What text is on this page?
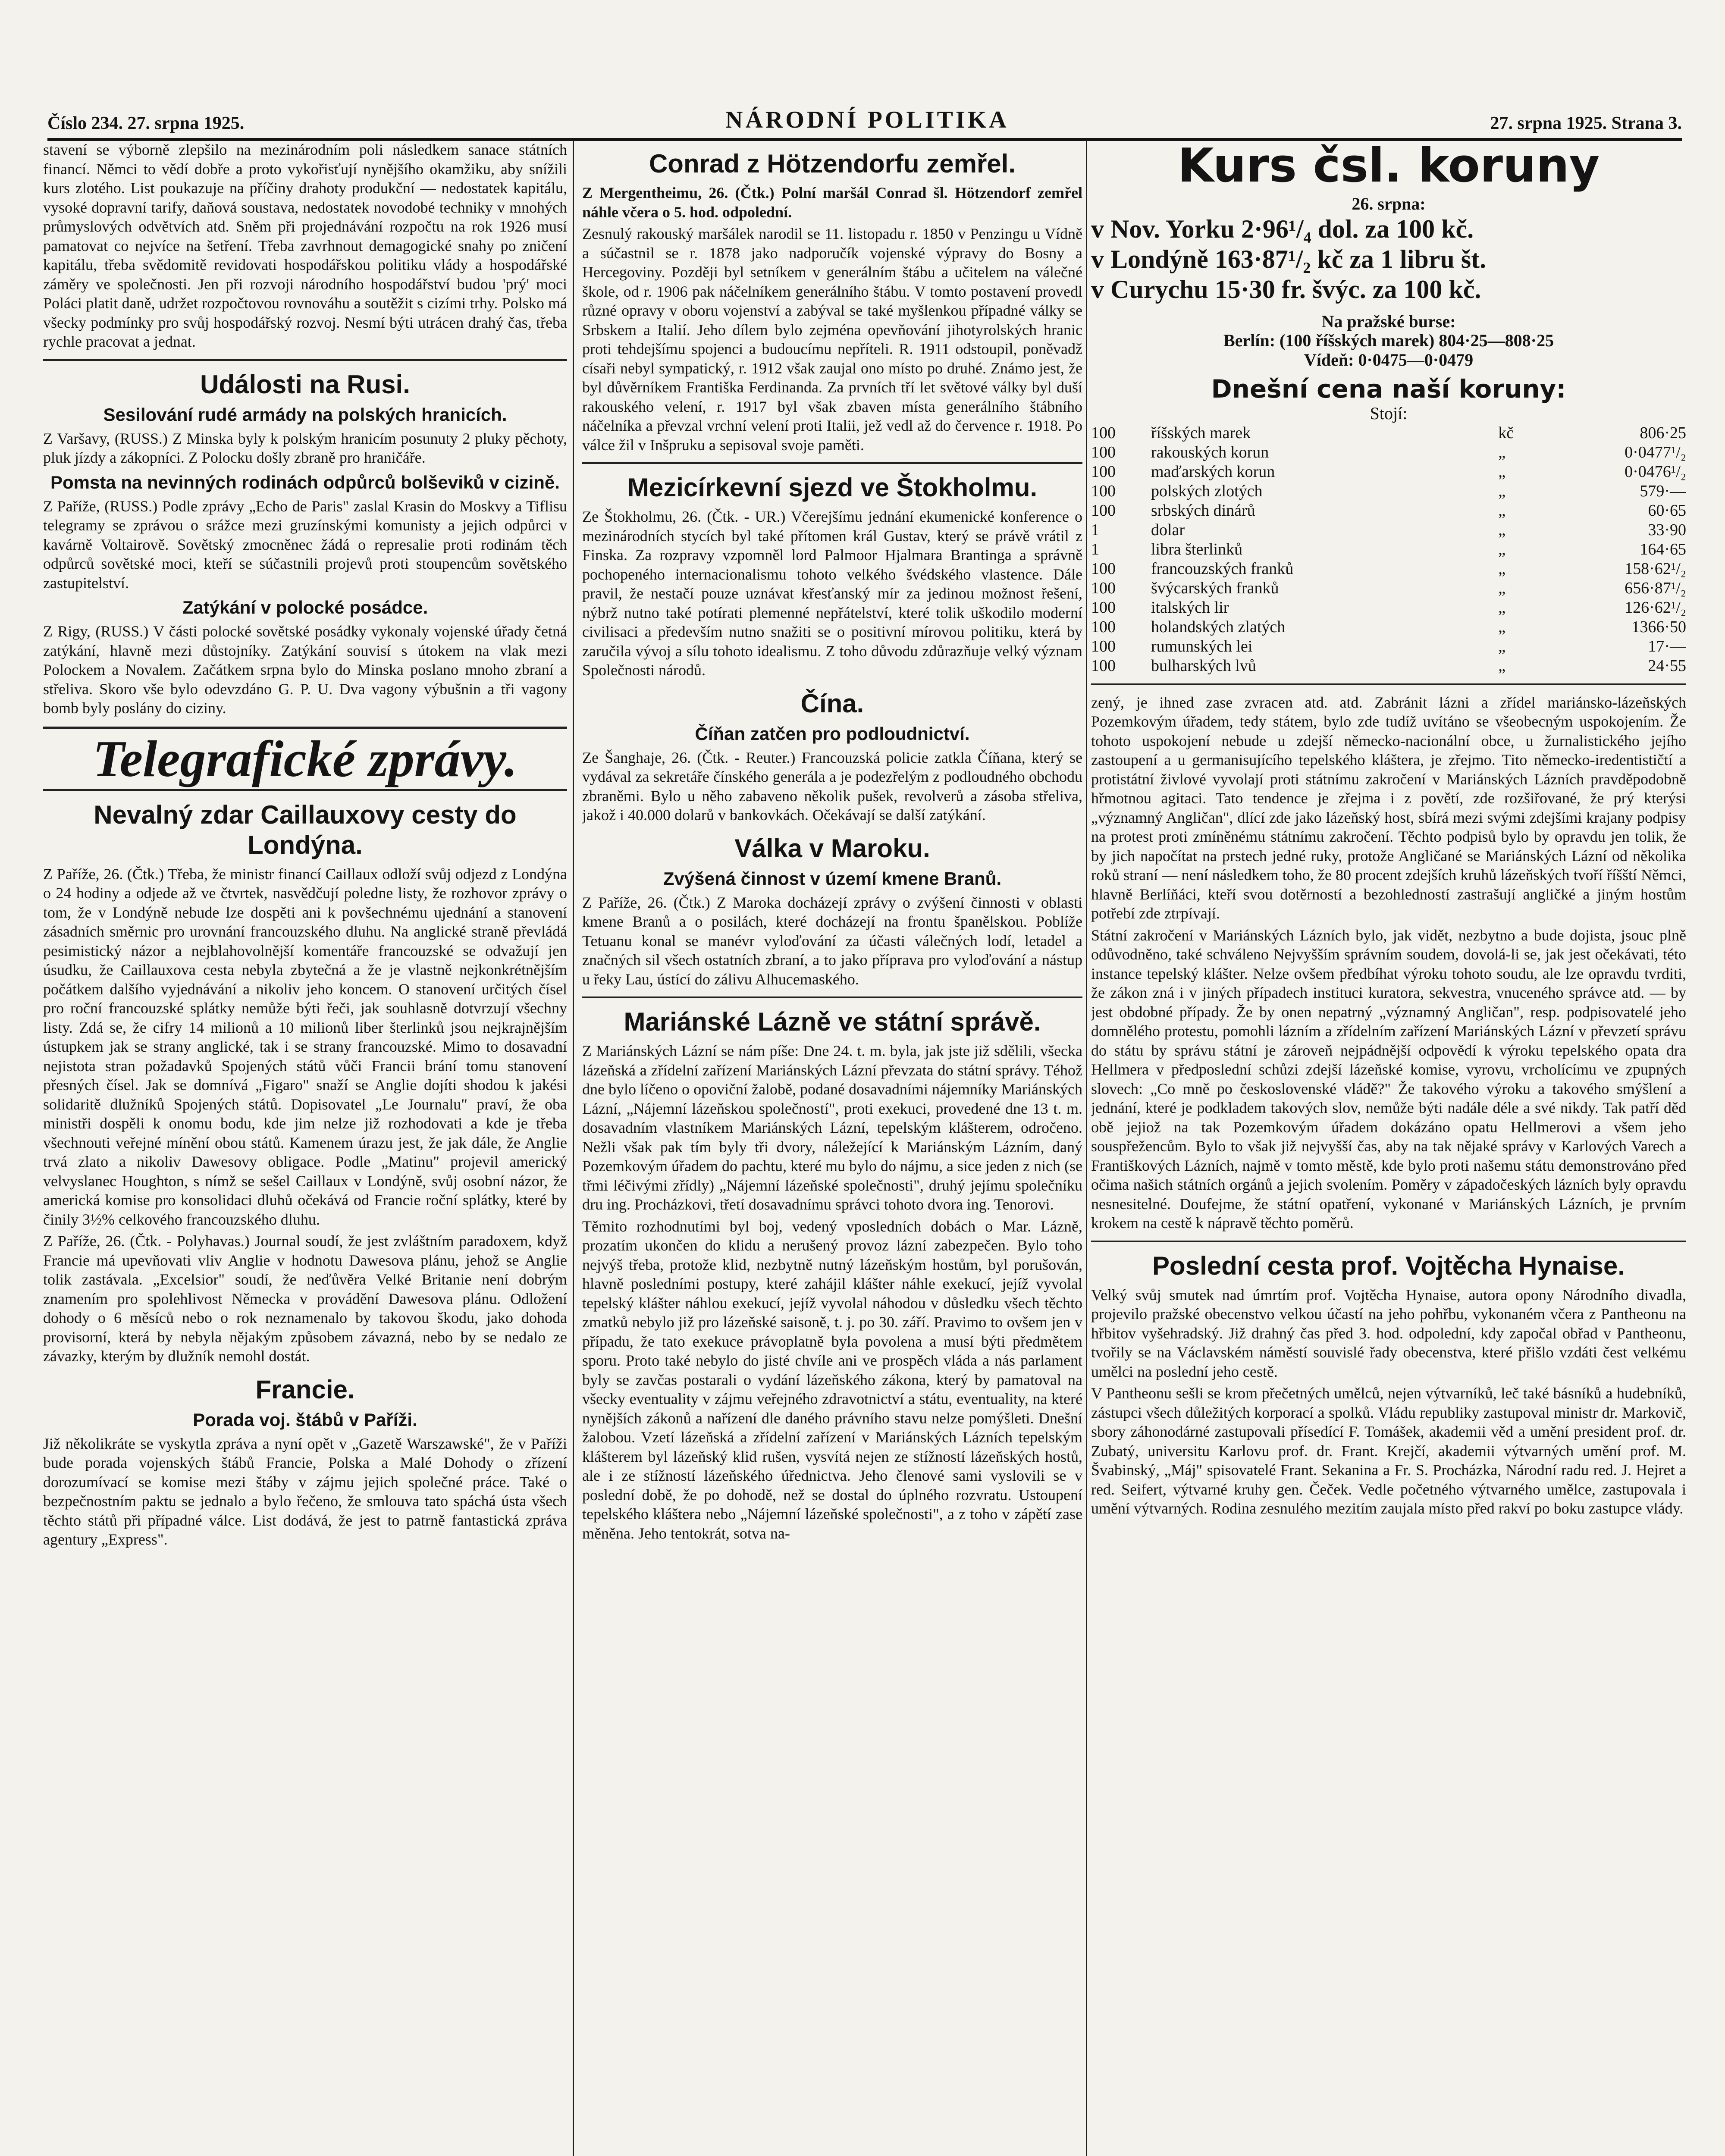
Číslo 234. 27. srpna 1925.	NÁRODNÍ POLITIKA	27. srpna 1925. Strana 3.

stavení se výborně zlepšilo na mezinárodním poli následkem sanace státních financí. Němci to vědí dobře a proto vykořisťují nynějšího okamžiku, aby snížili kurs zlotého. List poukazuje na příčiny drahoty produkční — nedostatek kapitálu, vysoké dopravní tarify, daňová soustava, nedostatek novodobé techniky v mnohých průmyslových odvětvích atd. Sněm při projednávání rozpočtu na rok 1926 musí pamatovat co nejvíce na šetření. Třeba zavrhnout demagogické snahy po zničení kapitálu, třeba svědomitě revidovati hospodářskou politiku vlády a hospodářské záměry ve společnosti. Jen při rozvoji národního hospodářství budou 'prý' moci Poláci platit daně, udržet rozpočtovou rovnováhu a soutěžit s cizími trhy. Polsko má všecky podmínky pro svůj hospodářský rozvoj. Nesmí býti utrácen drahý čas, třeba rychle pracovat a jednat.

Události na Rusi.
Sesilování rudé armády na polských hranicích.

Z Varšavy, (RUSS.) Z Minska byly k polským hranicím posunuty 2 pluky pěchoty, pluk jízdy a zákopníci. Z Polocku došly zbraně pro hraničáře.

Pomsta na nevinných rodinách odpůrců bolševiků v cizině.

Z Paříže, (RUSS.) Podle zprávy „Echo de Paris" zaslal Krasin do Moskvy a Tiflisu telegramy se zprávou o srážce mezi gruzínskými komunisty a jejich odpůrci v kavárně Voltairově. Sovětský zmocněnec žádá o represalie proti rodinám těch odpůrců sovětské moci, kteří se súčastnili projevů proti stoupencům sovětského zastupitelství.

Zatýkání v polocké posádce.

Z Rigy, (RUSS.) V části polocké sovětské posádky vykonaly vojenské úřady četná zatýkání, hlavně mezi důstojníky. Zatýkání souvisí s útokem na vlak mezi Polockem a Novalem. Začátkem srpna bylo do Minska poslano mnoho zbraní a střeliva. Skoro vše bylo odevzdáno G. P. U. Dva vagony výbušnin a tři vagony bomb byly poslány do ciziny.

Telegrafické zprávy.
Nevalný zdar Caillauxovy cesty do Londýna.

Z Paříže, 26. (Čtk.) Třeba, že ministr financí Caillaux odloží svůj odjezd z Londýna o 24 hodiny a odjede až ve čtvrtek, nasvědčují poledne listy, že rozhovor zprávy o tom, že v Londýně nebude lze dospěti ani k povšechnému ujednání a stanovení zásadních směrnic pro urovnání francouzského dluhu. Na anglické straně převládá pesimistický názor a nejblahovolnější komentáře francouzské se odvažují jen úsudku, že Caillauxova cesta nebyla zbytečná a že je vlastně nejkonkrétnějším počátkem dalšího vyjednávání a nikoliv jeho koncem. O stanovení určitých čísel pro roční francouzské splátky nemůže býti řeči, jak souhlasně dotvrzují všechny listy. Zdá se, že cifry 14 milionů a 10 milionů liber šterlinků jsou nejkrajnějším ústupkem jak se strany anglické, tak i se strany francouzské. Mimo to dosavadní nejistota stran požadavků Spojených států vůči Francii brání tomu stanovení přesných čísel. Jak se domnívá „Figaro" snaží se Anglie dojíti shodou k jakési solidaritě dlužníků Spojených států. Dopisovatel „Le Journalu" praví, že oba ministři dospěli k onomu bodu, kde jim nelze již rozhodovati a kde je třeba všechnouti veřejné mínění obou států. Kamenem úrazu jest, že jak dále, že Anglie trvá zlato a nikoliv Dawesovy obligace. Podle „Matinu" projevil americký velvyslanec Houghton, s nímž se sešel Caillaux v Londýně, svůj osobní názor, že americká komise pro konsolidaci dluhů očekává od Francie roční splátky, které by činily 3½% celkového francouzského dluhu.

Z Paříže, 26. (Čtk. - Polyhavas.) Journal soudí, že jest zvláštním paradoxem, když Francie má upevňovati vliv Anglie v hodnotu Dawesova plánu, jehož se Anglie tolik zastávala. „Excelsior" soudí, že neďůvěra Velké Britanie není dobrým znamením pro spolehlivost Německa v provádění Dawesova plánu. Odložení dohody o 6 měsíců nebo o rok neznamenalo by takovou škodu, jako dohoda provisorní, která by nebyla nějakým způsobem závazná, nebo by se nedalo ze závazky, kterým by dlužník nemohl dostát.

Francie.
Porada voj. štábů v Paříži.

Již několikráte se vyskytla zpráva a nyní opět v „Gazetě Warszawské", že v Paříži bude porada vojenských štábů Francie, Polska a Malé Dohody o zřízení dorozumívací se komise mezi štáby v zájmu jejich společné práce. Také o bezpečnostním paktu se jednalo a bylo řečeno, že smlouva tato spáchá ústa všech těchto států při případné válce. List dodává, že jest to patrně fantastická zpráva agentury „Express".

Conrad z Hötzendorfu zemřel.

Z Mergentheimu, 26. (Čtk.) Polní maršál Conrad šl. Hötzendorf zemřel náhle včera o 5. hod. odpolední.

Zesnulý rakouský maršálek narodil se 11. listopadu r. 1850 v Penzingu u Vídně a súčastnil se r. 1878 jako nadporučík vojenské výpravy do Bosny a Hercegoviny. Později byl setníkem v generálním štábu a učitelem na válečné škole, od r. 1906 pak náčelníkem generálního štábu. V tomto postavení provedl různé opravy v oboru vojenství a zabýval se také myšlenkou případné války se Srbskem a Italií. Jeho dílem bylo zejména opevňování jihotyrolských hranic proti tehdejšímu spojenci a budoucímu nepříteli. R. 1911 odstoupil, poněvadž císaři nebyl sympatický, r. 1912 však zaujal ono místo po druhé. Známo jest, že byl důvěrníkem Františka Ferdinanda. Za prvních tří let světové války byl duší rakouského velení, r. 1917 byl však zbaven místa generálního štábního náčelníka a převzal vrchní velení proti Italii, jež vedl až do července r. 1918. Po válce žil v Inšpruku a sepisoval svoje paměti.

Mezicírkevní sjezd ve Štokholmu.

Ze Štokholmu, 26. (Čtk. - UR.) Včerejšímu jednání ekumenické konference o mezinárodních stycích byl také přítomen král Gustav, který se právě vrátil z Finska. Za rozpravy vzpomněl lord Palmoor Hjalmara Brantinga a správně pochopeného internacionalismu tohoto velkého švédského vlastence. Dále pravil, že nestačí pouze uznávat křesťanský mír za jedinou možnost řešení, nýbrž nutno také potírati plemenné nepřátelství, které tolik uškodilo moderní civilisaci a především nutno snažiti se o positivní mírovou politiku, která by zaručila vývoj a sílu tohoto idealismu. Z toho důvodu zdůrazňuje velký význam Společnosti národů.

Čína.
Číňan zatčen pro podloudnictví.

Ze Šanghaje, 26. (Čtk. - Reuter.) Francouzská policie zatkla Číňana, který se vydával za sekretáře čínského generála a je podezřelým z podloudného obchodu zbraněmi. Bylo u něho zabaveno několik pušek, revolverů a zásoba střeliva, jakož i 40.000 dolarů v bankovkách. Očekávají se další zatýkání.

Válka v Maroku.
Zvýšená činnost v území kmene Branů.

Z Paříže, 26. (Čtk.) Z Maroka docházejí zprávy o zvýšení činnosti v oblasti kmene Branů a o posilách, které docházejí na frontu španělskou. Poblíže Tetuanu konal se manévr vyloďování za účasti válečných lodí, letadel a značných sil všech ostatních zbraní, a to jako příprava pro vyloďování a nástup u řeky Lau, ústící do zálivu Alhucemaského.

Mariánské Lázně ve státní správě.

Z Mariánských Lázní se nám píše: Dne 24. t. m. byla, jak jste již sdělili, všecka lázeňská a zřídelní zařízení Mariánských Lázní převzata do státní správy. Téhož dne bylo líčeno o opoviční žalobě, podané dosavadními nájemníky Mariánských Lázní, „Nájemní lázeňskou společností", proti exekuci, provedené dne 13 t. m. dosavadním vlastníkem Mariánských Lázní, tepelským klášterem, odročeno. Nežli však pak tím byly tři dvory, náležející k Mariánským Lázním, daný Pozemkovým úřadem do pachtu, které mu bylo do nájmu, a sice jeden z nich (se třmi léčivými zřídly) „Nájemní lázeňské společnosti", druhý jejímu společníku dru ing. Procházkovi, třetí dosavadnímu správci tohoto dvora ing. Tenorovi.

Těmito rozhodnutími byl boj, vedený vposledních dobách o Mar. Lázně, prozatím ukončen do klidu a nerušený provoz lázní zabezpečen. Bylo toho nejvýš třeba, protože klid, nezbytně nutný lázeňským hostům, byl porušován, hlavně posledními postupy, které zahájil klášter náhle exekucí, jejíž vyvolal tepelský klášter náhlou exekucí, jejíž vyvolal náhodou v důsledku všech těchto zmatků nebylo již pro lázeňské saisoně, t. j. po 30. září. Pravimo to ovšem jen v případu, že tato exekuce právoplatně byla povolena a musí býti předmětem sporu. Proto také nebylo do jisté chvíle ani ve prospěch vláda a nás parlament byly se zavčas postarali o vydání lázeňského zákona, který by pamatoval na všecky eventuality v zájmu veřejného zdravotnictví a státu, eventuality, na které nynějších zákonů a nařízení dle daného právního stavu nelze pomýšleti. Dnešní žalobou. Vzetí lázeňská a zřídelní zařízení v Mariánských Lázních tepelským klášterem byl lázeňský klid rušen, vysvítá nejen ze stížností lázeňských hostů, ale i ze stížností lázeňského úřednictva. Jeho členové sami vyslovili se v poslední době, že po dohodě, než se dostal do úplného rozvratu. Ustoupení tepelského kláštera nebo „Nájemní lázeňské společnosti", a z toho v zápětí zase měněna. Jeho tentokrát, sotva na-

Kurs čsl. koruny
26. srpna:
v Nov. Yorku 2·96¹/₄ dol. za 100 kč.
v Londýně 163·87¹/₂ kč za 1 libru št.
v Curychu 15·30 fr. švýc. za 100 kč.
Na pražské burse:
Berlín: (100 říšských marek) 804·25—808·25
Vídeň: 0·0475—0·0479
Dnešní cena naší koruny:
Stojí:
100	říšských marek	kč	806·25
100	rakouských korun	„	0·0477¹/₂
100	maďarských korun	„	0·0476¹/₂
100	polských zlotých	„	579·—
100	srbských dinárů	„	60·65
1	dolar	„	33·90
1	libra šterlinků	„	164·65
100	francouzských franků	„	158·62¹/₂
100	švýcarských franků	„	656·87¹/₂
100	italských lir	„	126·62¹/₂
100	holandských zlatých	„	1366·50
100	rumunských lei	„	17·—
100	bulharských lvů	„	24·55

zený, je ihned zase zvracen atd. atd. Zabránit lázni a zřídel mariánsko-lázeňských Pozemkovým úřadem, tedy státem, bylo zde tudíž uvítáno se všeobecným uspokojením. Že tohoto uspokojení nebude u zdejší německo-nacionální obce, u žurnalistického jejího zastoupení a u germanisujícího tepelského kláštera, je zřejmo. Tito německo-iredentističtí a protistátní živlové vyvolají proti státnímu zakročení v Mariánských Lázních pravděpodobně hřmotnou agitaci. Tato tendence je zřejma i z povětí, zde rozšiřované, že prý kterýsi „významný Angličan", dlící zde jako lázeňský host, sbírá mezi svými zdejšími krajany podpisy na protest proti zmíněnému státnímu zakročení. Těchto podpisů bylo by opravdu jen tolik, že by jich napočítat na prstech jedné ruky, protože Angličané se Mariánských Lázní od několika roků straní — není následkem toho, že 80 procent zdejších kruhů lázeňských tvoří říšští Němci, hlavně Berlíňáci, kteří svou dotěrností a bezohledností zastrašují angličké a jiným hostům potřebí zde ztrpívají.

Státní zakročení v Mariánských Lázních bylo, jak vidět, nezbytno a bude dojista, jsouc plně odůvodněno, také schváleno Nejvyšším správním soudem, dovolá-li se, jak jest očekávati, této instance tepelský klášter. Nelze ovšem předbíhat výroku tohoto soudu, ale lze opravdu tvrditi, že zákon zná i v jiných případech instituci kuratora, sekvestra, vnuceného správce atd. — by jest obdobné případy. Že by onen nepatrný „významný Angličan", resp. podpisovatelé jeho domnělého protestu, pomohli lázním a zřídelním zařízení Mariánských Lázní v převzetí správu do státu by správu státní je zároveň nejpádnější odpovědí k výroku tepelského opata dra Hellmera v předposlední schůzi zdejší lázeňské komise, vyrovu, vrcholícímu ve zpupných slovech: „Co mně po československé vládě?" Že takového výroku a takového smýšlení a jednání, které je podkladem takových slov, nemůže býti nadále déle a své nikdy. Tak patří děd obě jejiož na tak Pozemkovým úřadem dokázáno opatu Hellmerovi a všem jeho souspřežencům. Bylo to však již nejvyšší čas, aby na tak nějaké správy v Karlových Varech a Františkových Lázních, najmě v tomto městě, kde bylo proti našemu státu demonstrováno před očima našich státních orgánů a jejich svolením. Poměry v západočeských lázních byly opravdu nesnesitelné. Doufejme, že státní opatření, vykonané v Mariánských Lázních, je prvním krokem na cestě k nápravě těchto poměrů.

Poslední cesta prof. Vojtěcha Hynaise.

Velký svůj smutek nad úmrtím prof. Vojtěcha Hynaise, autora opony Národního divadla, projevilo pražské obecenstvo velkou účastí na jeho pohřbu, vykonaném včera z Pantheonu na hřbitov vyšehradský. Již drahný čas před 3. hod. odpolední, kdy započal obřad v Pantheonu, tvořily se na Václavském náměstí souvislé řady obecenstva, které přišlo vzdáti čest velkému umělci na poslední jeho cestě.

V Pantheonu sešli se krom přečetných umělců, nejen výtvarníků, leč také básníků a hudebníků, zástupci všech důležitých korporací a spolků. Vládu republiky zastupoval ministr dr. Markovič, sbory záhonodárné zastupovali přísedící F. Tomášek, akademii věd a umění president prof. dr. Zubatý, universitu Karlovu prof. dr. Frant. Krejčí, akademii výtvarných umění prof. M. Švabinský, „Máj" spisovatelé Frant. Sekanina a Fr. S. Procházka, Národní radu red. J. Hejret a red. Seifert, výtvarné kruhy gen. Čeček. Vedle početného výtvarného umělce, zastupovala i umění výtvarných. Rodina zesnulého mezitím zaujala místo před rakví po boku zastupce vlády.
